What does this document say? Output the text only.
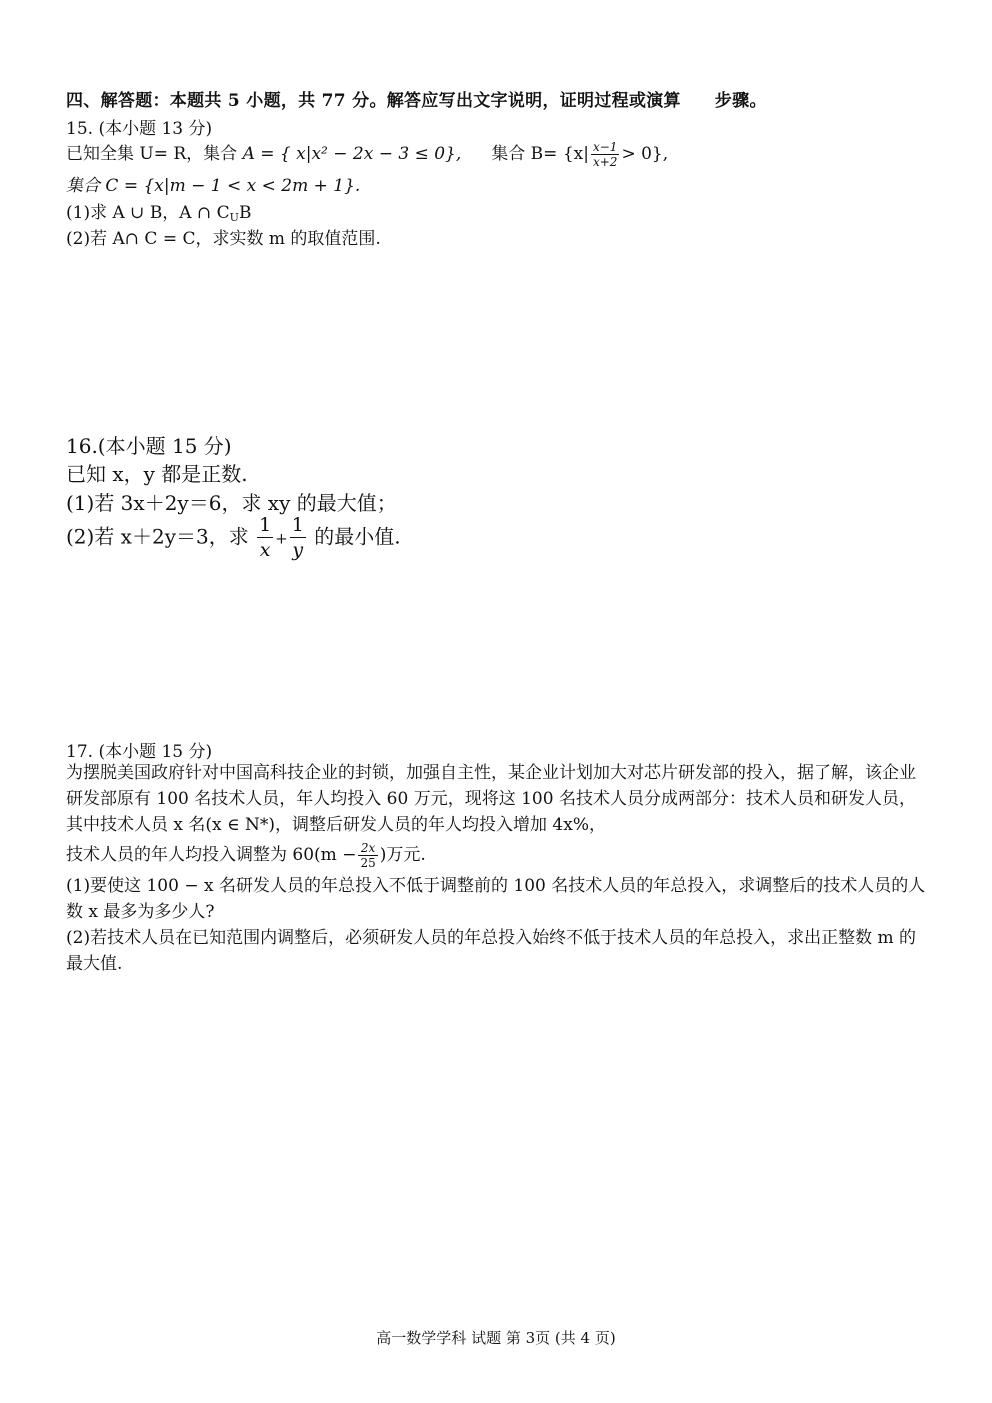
四、解答题：本题共 5 小题，共 77 分。解答应写出文字说明，证明过程或演算 步骤。
15. (本小题 13 分)
已知全集 U= R，集合 A = { x|x² − 2x − 3 ≤ 0}, 集合 $B= \{x| \frac{x-1}{x+2} > 0\}$,
集合 C = {x|m − 1 < x < 2m + 1}.
(1)求 A ∪ B，A ∩ $C_UB$
(2)若 A∩ C = C，求实数 m 的取值范围.
16.(本小题 15 分)
已知 x，y 都是正数.
(1)若 3x＋2y＝6，求 xy 的最大值；
(2)若 x＋2y＝3，求 $\frac{1}{x} + \frac{1}{y}$ 的最小值.
17. (本小题 15 分)
为摆脱美国政府针对中国高科技企业的封锁，加强自主性，某企业计划加大对芯片研发部的投入，据了解，该企业研发部原有 100 名技术人员，年人均投入 60 万元，现将这 100 名技术人员分成两部分：技术人员和研发人员，其中技术人员 x 名(x ∈ N*)，调整后研发人员的年人均投入增加 4x%，
技术人员的年人均投入调整为 $60(m - \frac{2x}{25}$ )万元.
(1)要使这 100 − x 名研发人员的年总投入不低于调整前的 100 名技术人员的年总投入，求调整后的技术人员的人数 x 最多为多少人?
(2)若技术人员在已知范围内调整后，必须研发人员的年总投入始终不低于技术人员的年总投入，求出正整数 m 的最大值.
高一数学学科 试题 第 3页 (共 4 页)
